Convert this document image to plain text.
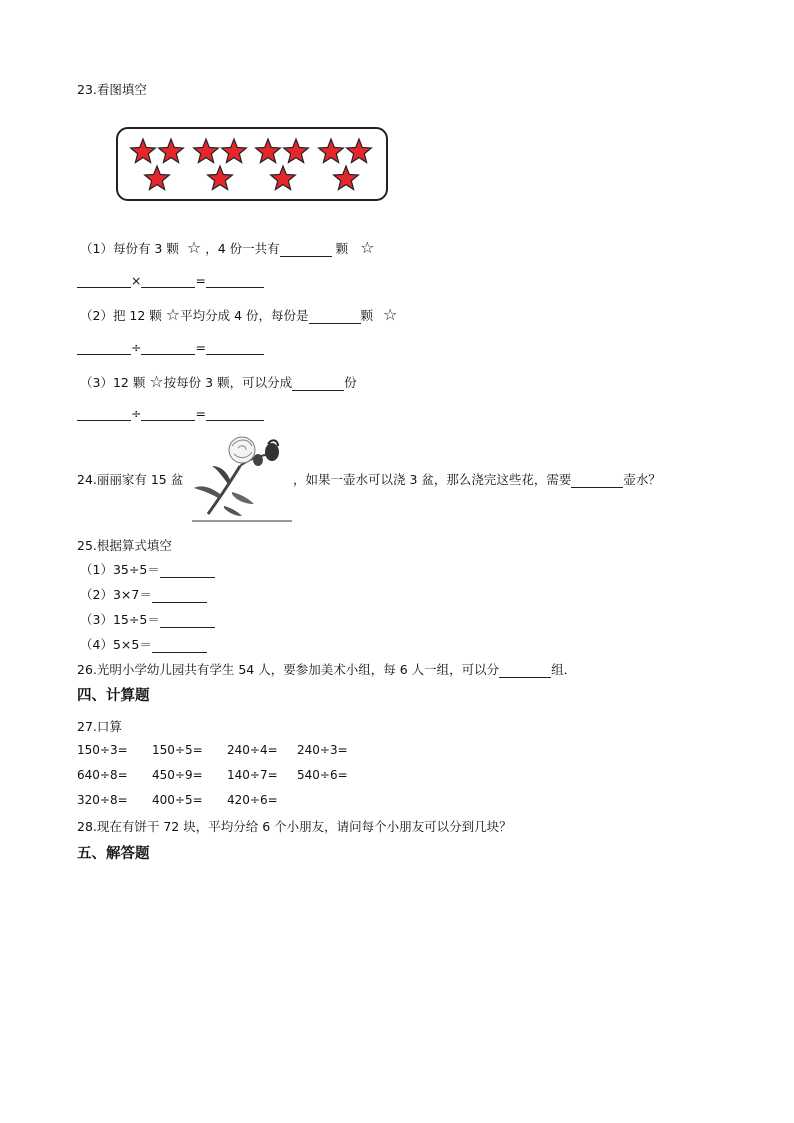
23.看图填空
（1）每份有 3 颗 ☆ ，4 份一共有	颗 ☆
×	=
（2）把 12 颗 ☆平均分成 4 份，每份是	颗 ☆
÷	=
（3）12 颗 ☆按每份 3 颗，可以分成	份
÷	=
24.丽丽家有 15 盆	，如果一壶水可以浇 3 盆，那么浇完这些花，需要	壶水？
25.根据算式填空
（1）35÷5＝
（2）3×7＝
（3）15÷5＝
（4）5×5＝
26.光明小学幼儿园共有学生 54 人，要参加美术小组，每 6 人一组，可以分	组．
四、计算题
27.口算
150÷3= 150÷5= 240÷4= 240÷3=
640÷8= 450÷9= 140÷7= 540÷6=
320÷8= 400÷5= 420÷6=
28.现在有饼干 72 块，平均分给 6 个小朋友，请问每个小朋友可以分到几块？
五、解答题
